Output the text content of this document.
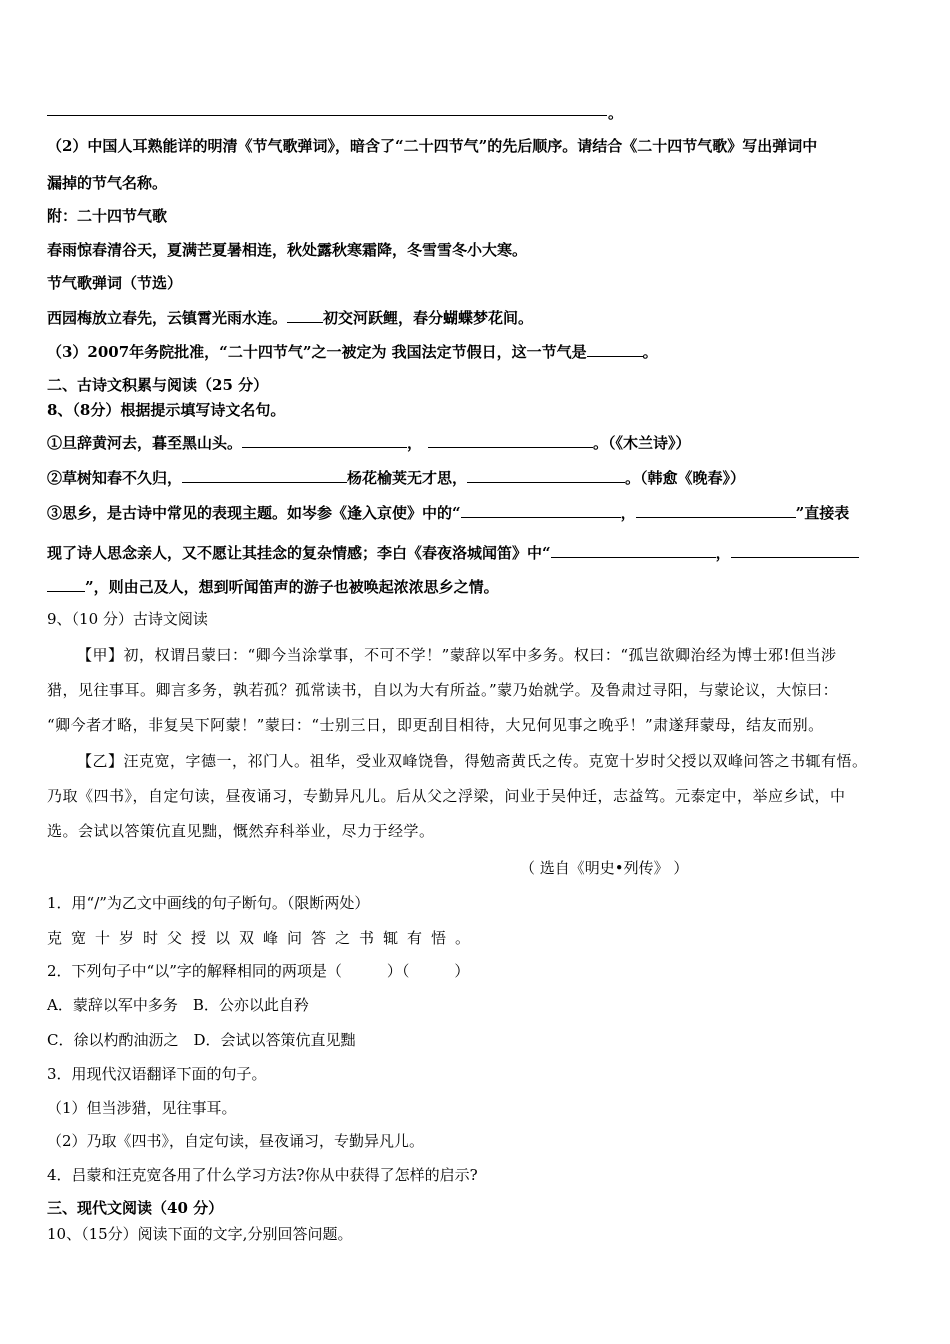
。
（2）中国人耳熟能详的明清《节气歌弹词》，暗含了“二十四节气”的先后顺序。请结合《二十四节气歌》写出弹词中
漏掉的节气名称。
附：二十四节气歌
春雨惊春清谷天，夏满芒夏暑相连，秋处露秋寒霜降，冬雪雪冬小大寒。
节气歌弹词（节选）
西园梅放立春先，云镇霄光雨水连。 初交河跃鲤，春分蝴蝶梦花间。
（3）2007年务院批准，“二十四节气”之一被定为 我国法定节假日，这一节气是	。
二、古诗文积累与阅读（25 分）
8、（8分）根据提示填写诗文名句。
①旦辞黄河去，暮至黑山头。	，	。（《木兰诗》）
②草树知春不久归，	杨花榆荚无才思，	。（韩愈《晚春》）
③思乡，是古诗中常见的表现主题。如岑参《逢入京使》中的“	，	”直接表
现了诗人思念亲人，又不愿让其挂念的复杂情感；李白《春夜洛城闻笛》中“	，
”，则由己及人，想到听闻笛声的游子也被唤起浓浓思乡之情。
9、（10 分）古诗文阅读
【甲】初，权谓吕蒙曰：“卿今当涂掌事，不可不学！”蒙辞以军中多务。权曰：“孤岂欲卿治经为博士邪!但当涉
猎，见往事耳。卿言多务，孰若孤？孤常读书，自以为大有所益。”蒙乃始就学。及鲁肃过寻阳，与蒙论议，大惊曰：
“卿今者才略，非复吴下阿蒙！”蒙曰：“士别三日，即更刮目相待，大兄何见事之晚乎！”肃遂拜蒙母，结友而别。
【乙】汪克宽，字德一，祁门人。祖华，受业双峰饶鲁，得勉斋黄氏之传。克宽十岁时父授以双峰问答之书辄有悟。
乃取《四书》，自定句读，昼夜诵习，专勤异凡儿。后从父之浮梁，问业于吴仲迁，志益笃。元泰定中，举应乡试，中
选。会试以答策伉直见黜，慨然弃科举业，尽力于经学。
（ 选自《明史•列传》 ）
1．用“/”为乙文中画线的句子断句。（限断两处）
克宽十岁时父授以双峰问答之书辄有悟。
2．下列句子中“以”字的解释相同的两项是（　　　）（　　　）
A．蒙辞以军中多务　B．公亦以此自矜
C．徐以杓酌油沥之　D．会试以答策伉直见黜
3．用现代汉语翻译下面的句子。
（1）但当涉猎，见往事耳。
（2）乃取《四书》，自定句读，昼夜诵习，专勤异凡儿。
4．吕蒙和汪克宽各用了什么学习方法?你从中获得了怎样的启示?
三、现代文阅读（40 分）
10、（15分）阅读下面的文字,分别回答问题。
